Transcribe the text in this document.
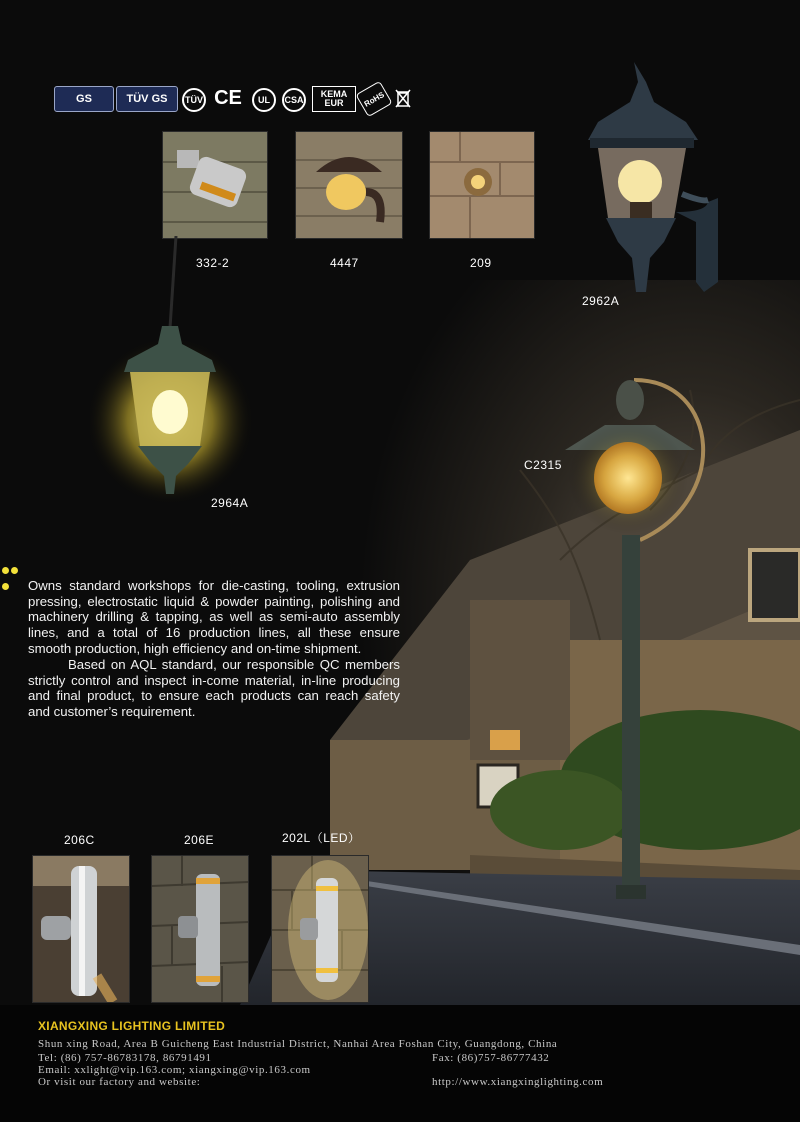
GS	TÜV GS	TÜV CE	UL	CSA
KEMA EUR	RoHS
332-2	4447	209
2962A
2964A
C2315

Owns standard workshops for die-casting, tooling, extrusion pressing, electrostatic liquid & powder painting, polishing and machinery drilling & tapping, as well as semi-auto assembly lines, and a total of 16 production lines, all these ensure smooth production, high efficiency and on-time shipment.

Based on AQL standard, our responsible QC members strictly control and inspect in-come material, in-line producing and final product, to ensure each products can reach safety and customer’s requirement.

206C	206E	202L（LED）
XIANGXING LIGHTING LIMITED
Shun xing Road, Area B Guicheng East Industrial District, Nanhai Area Foshan City, Guangdong, China
Tel: (86) 757-86783178, 86791491	Fax: (86)757-86777432
Email: xxlight@vip.163.com; xiangxing@vip.163.com
Or visit our factory and website:	http://www.xiangxinglighting.com
